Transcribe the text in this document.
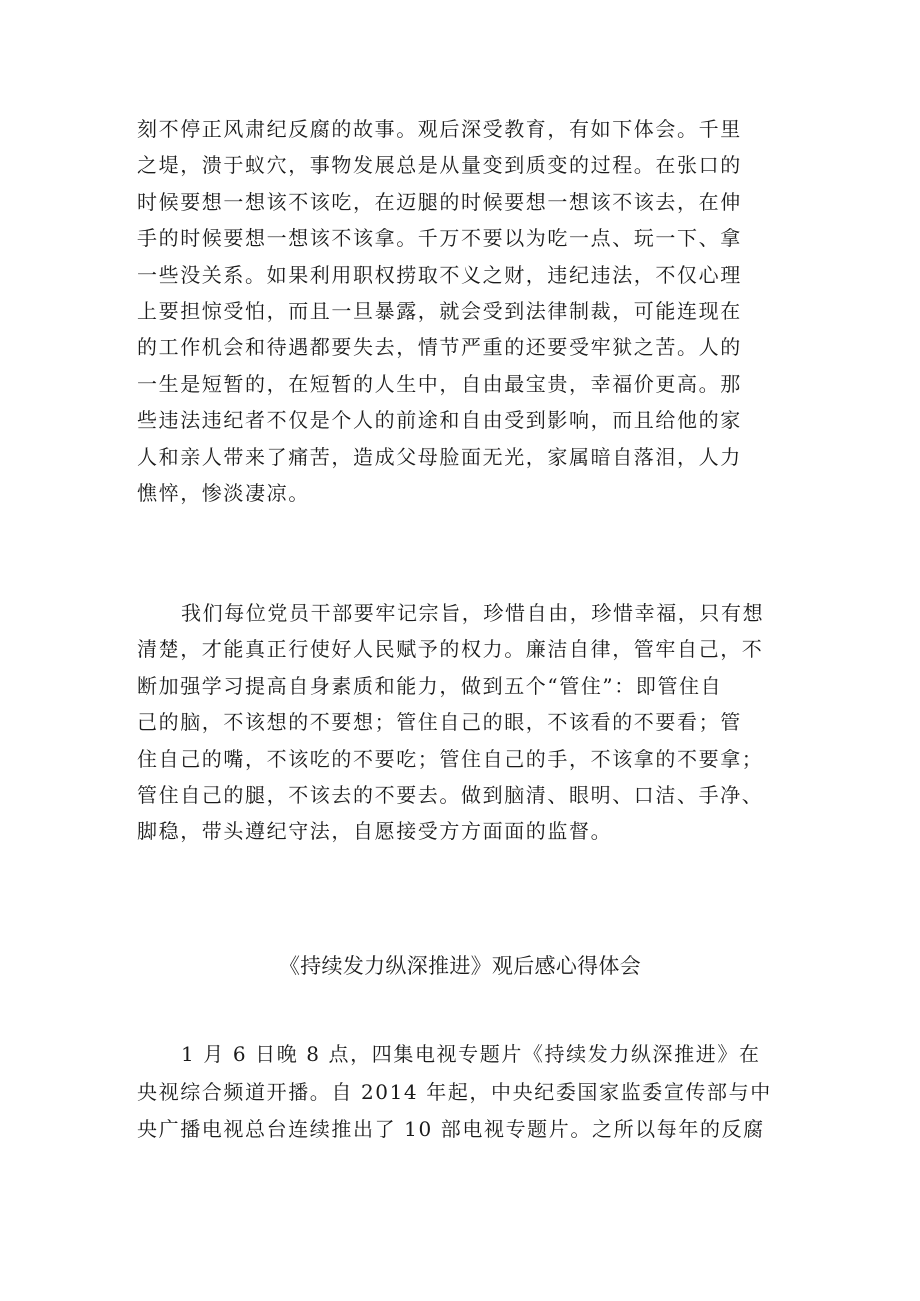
刻不停正风肃纪反腐的故事。观后深受教育，有如下体会。千里
之堤，溃于蚁穴，事物发展总是从量变到质变的过程。在张口的
时候要想一想该不该吃，在迈腿的时候要想一想该不该去，在伸
手的时候要想一想该不该拿。千万不要以为吃一点、玩一下、拿
一些没关系。如果利用职权捞取不义之财，违纪违法，不仅心理
上要担惊受怕，而且一旦暴露，就会受到法律制裁，可能连现在
的工作机会和待遇都要失去，情节严重的还要受牢狱之苦。人的
一生是短暂的，在短暂的人生中，自由最宝贵，幸福价更高。那
些违法违纪者不仅是个人的前途和自由受到影响，而且给他的家
人和亲人带来了痛苦，造成父母脸面无光，家属暗自落泪，人力
憔悴，惨淡凄凉。
我们每位党员干部要牢记宗旨，珍惜自由，珍惜幸福，只有想
清楚，才能真正行使好人民赋予的权力。廉洁自律，管牢自己，不
断加强学习提高自身素质和能力，做到五个“管住”：即管住自
己的脑，不该想的不要想；管住自己的眼，不该看的不要看；管
住自己的嘴，不该吃的不要吃；管住自己的手，不该拿的不要拿；
管住自己的腿，不该去的不要去。做到脑清、眼明、口洁、手净、
脚稳，带头遵纪守法，自愿接受方方面面的监督。
《持续发力纵深推进》观后感心得体会
1 月 6 日晚 8 点，四集电视专题片《持续发力纵深推进》在
央视综合频道开播。自 2014 年起，中央纪委国家监委宣传部与中
央广播电视总台连续推出了 10 部电视专题片。之所以每年的反腐
